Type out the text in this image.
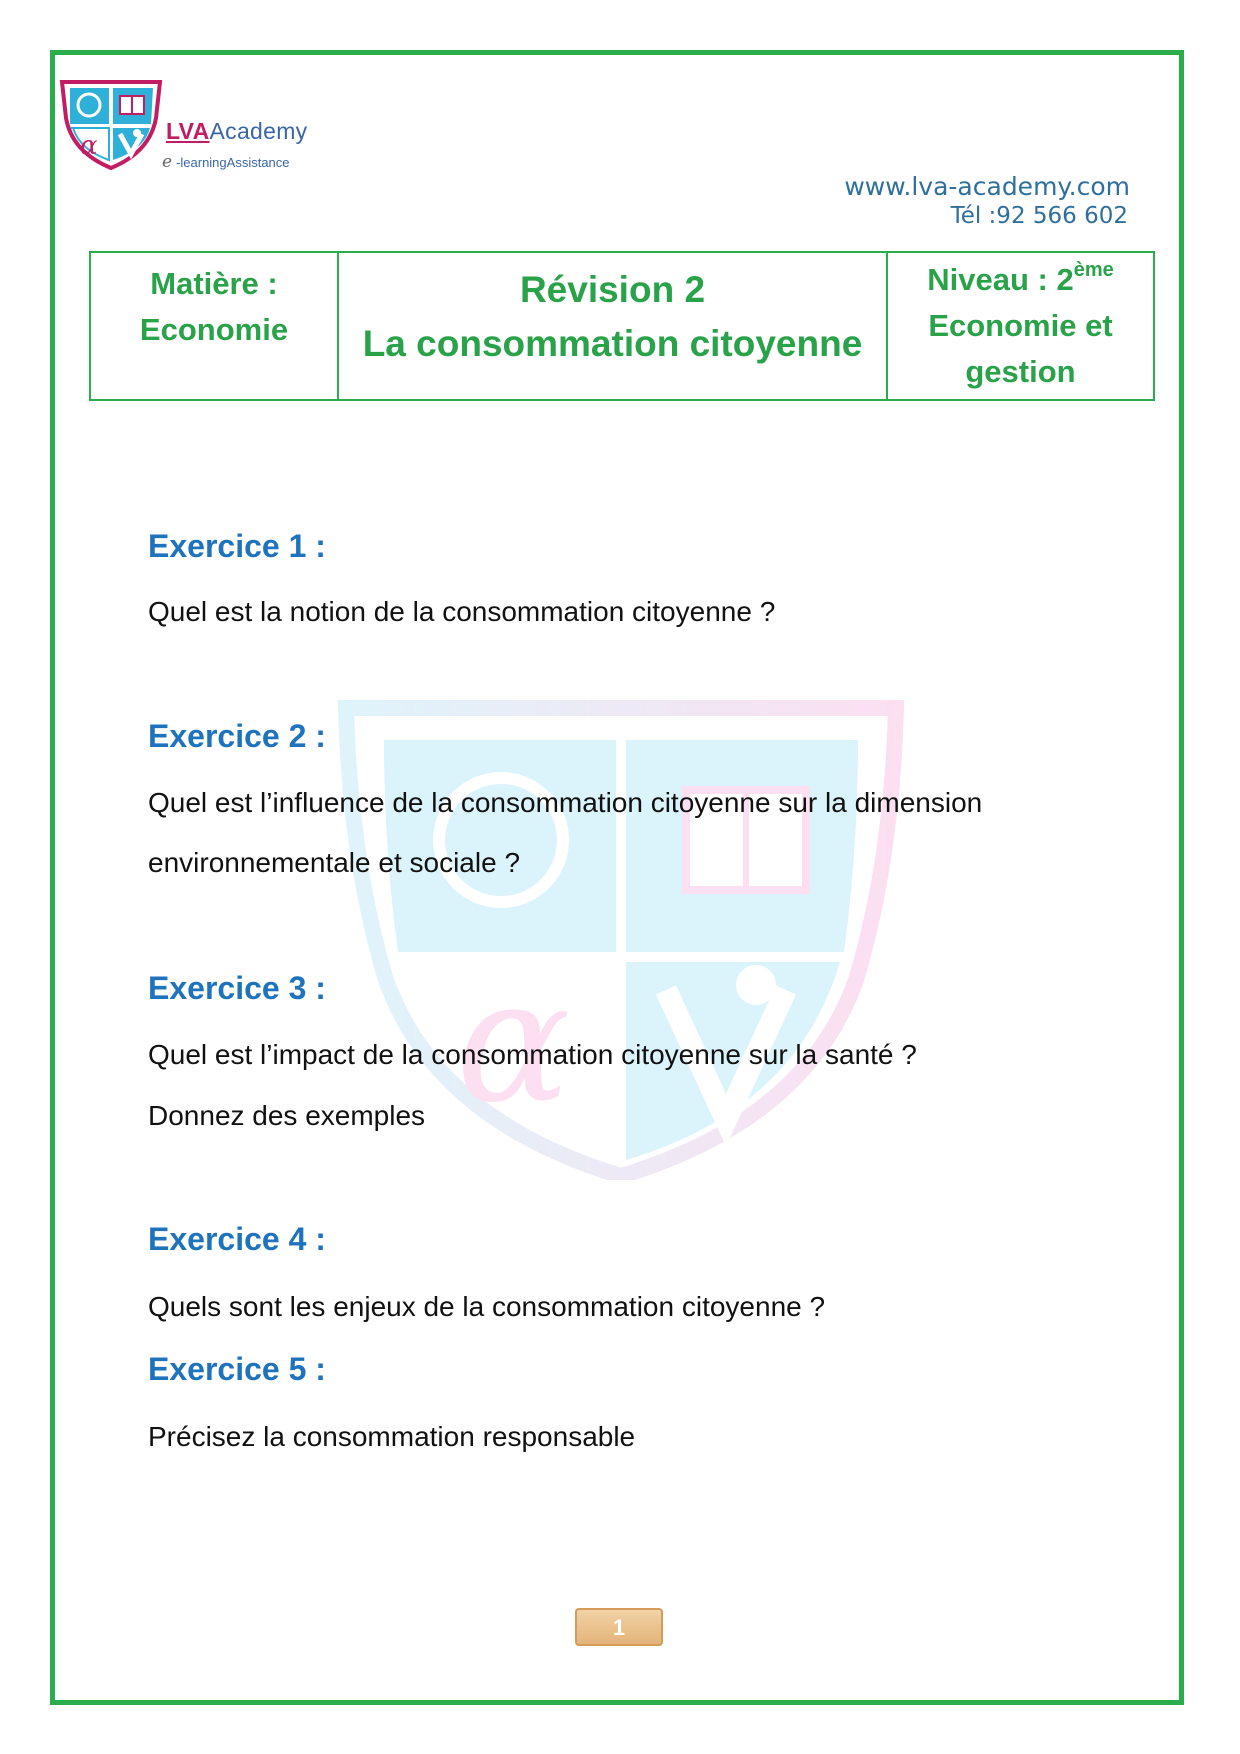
α	LVAAcademy
e -learningAssistance
www.lva-academy.com
Tél :92 566 602
Matière :
Economie
Révision 2
La consommation citoyenne
Niveau : 2ème
Economie et
gestion
α
Exercice 1 :
Quel est la notion de la consommation citoyenne ?
Exercice 2 :
Quel est l’influence de la consommation citoyenne sur la dimension
environnementale et sociale ?
Exercice 3 :
Quel est l’impact de la consommation citoyenne sur la santé ?
Donnez des exemples
Exercice 4 :
Quels sont les enjeux de la consommation citoyenne ?
Exercice 5 :
Précisez la consommation responsable
1
